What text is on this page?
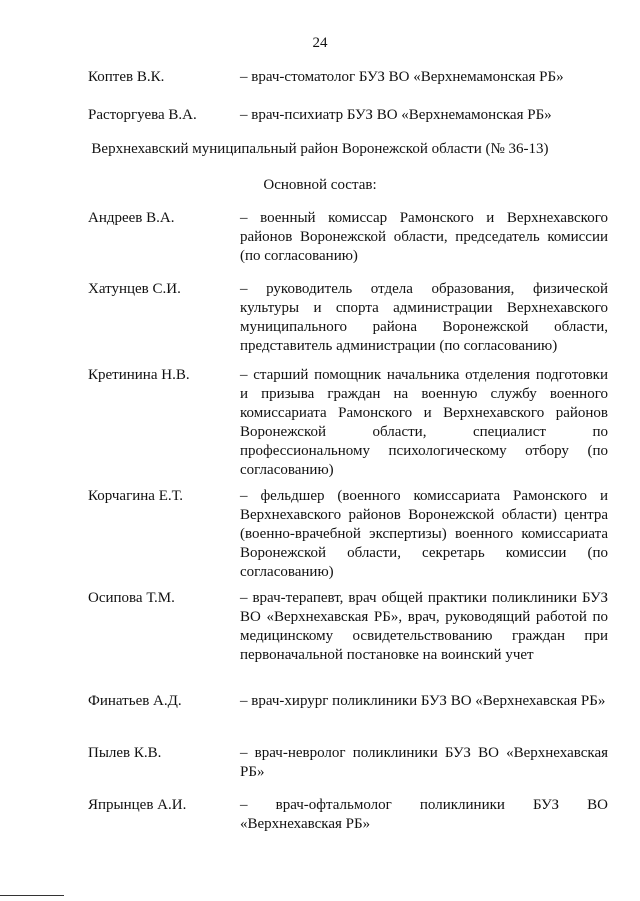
24
Коптев В.К.	– врач-стоматолог БУЗ ВО «Верхнемамонская РБ»
Расторгуева В.А.	– врач-психиатр БУЗ ВО «Верхнемамонская РБ»
Верхнехавский муниципальный район Воронежской области (№ 36-13)
Основной состав:
Андреев В.А.	– военный комиссар Рамонского и Верхнехавского районов Воронежской области, председатель комиссии (по согласованию)
Хатунцев С.И.	– руководитель отдела образования, физической культуры и спорта администрации Верхнехавского муниципального района Воронежской области, представитель администрации (по согласованию)
Кретинина Н.В.	– старший помощник начальника отделения подготовки и призыва граждан на военную службу военного комиссариата Рамонского и Верхнехавского районов Воронежской области, специалист по профессиональному психологическому отбору (по согласованию)
Корчагина Е.Т.	– фельдшер (военного комиссариата Рамонского и Верхнехавского районов Воронежской области) центра (военно-врачебной экспертизы) военного комиссариата Воронежской области, секретарь комиссии (по согласованию)
Осипова Т.М.	– врач-терапевт, врач общей практики поликлиники БУЗ ВО «Верхнехавская РБ», врач, руководящий работой по медицинскому освидетельствованию граждан при первоначальной постановке на воинский учет
Финатьев А.Д.	– врач-хирург поликлиники БУЗ ВО «Верхнехавская РБ»
Пылев К.В.	– врач-невролог поликлиники БУЗ ВО «Верхнехавская РБ»
Япрынцев А.И.	– врач-офтальмолог поликлиники БУЗ ВО «Верхнехавская РБ»
